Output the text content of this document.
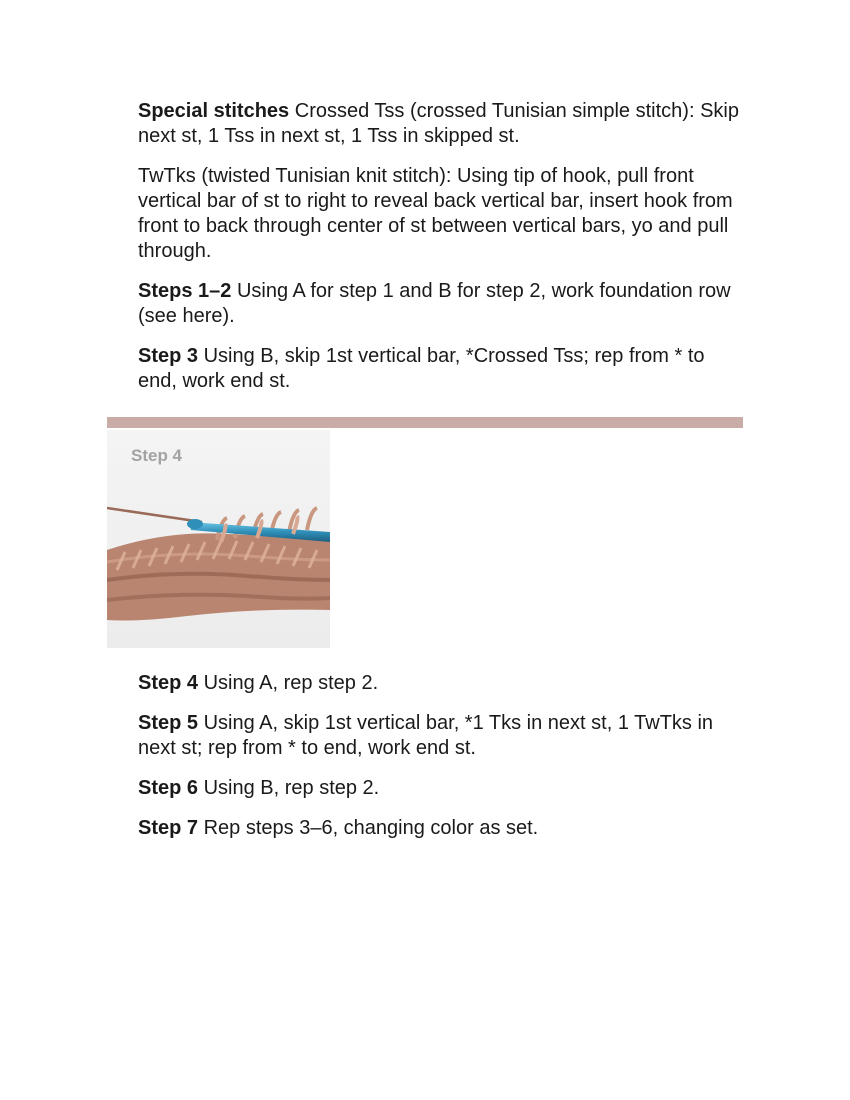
Special stitches Crossed Tss (crossed Tunisian simple stitch): Skip next st, 1 Tss in next st, 1 Tss in skipped st.

TwTks (twisted Tunisian knit stitch): Using tip of hook, pull front vertical bar of st to right to reveal back vertical bar, insert hook from front to back through center of st between vertical bars, yo and pull through.

Steps 1–2 Using A for step 1 and B for step 2, work foundation row (see here).

Step 3 Using B, skip 1st vertical bar, *Crossed Tss; rep from * to end, work end st.

Step 4

Step 4 Using A, rep step 2.

Step 5 Using A, skip 1st vertical bar, *1 Tks in next st, 1 TwTks in next st; rep from * to end, work end st.

Step 6 Using B, rep step 2.

Step 7 Rep steps 3–6, changing color as set.
